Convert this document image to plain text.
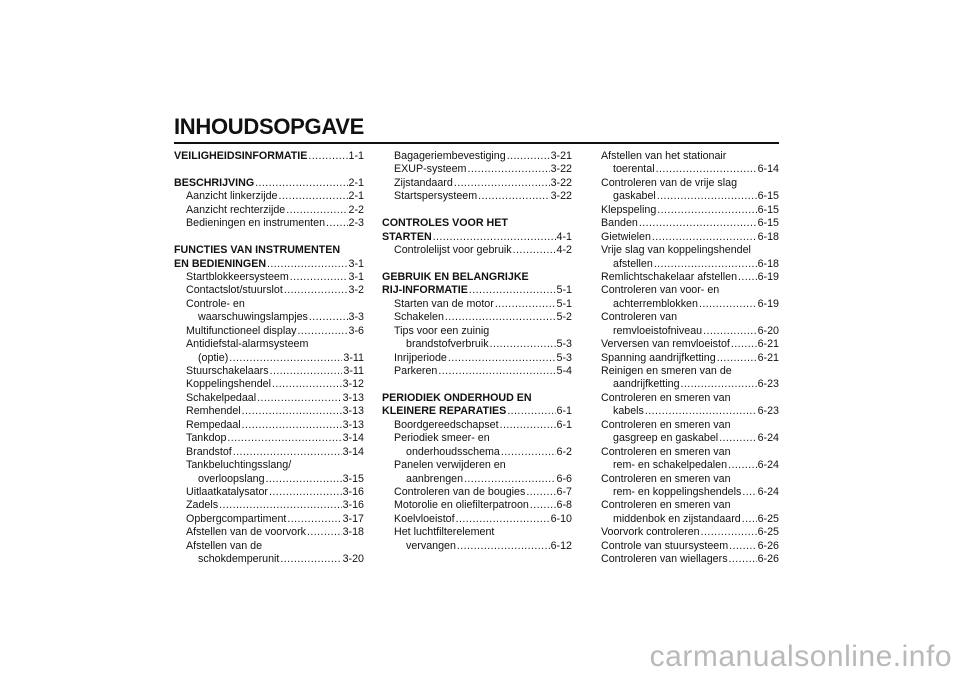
INHOUDSOPGAVE
VEILIGHEIDSINFORMATIE .....	1-1
BESCHRIJVING .....	2-1
Aanzicht linkerzijde .....	2-1
Aanzicht rechterzijde .....	2-2
Bedieningen en instrumenten ..... 2-3
FUNCTIES VAN INSTRUMENTEN
EN BEDIENINGEN .....	3-1
Startblokkeersysteem .....	3-1
Contactslot/stuurslot .....	3-2
Controle- en
waarschuwingslampjes .....	3-3
Multifunctioneel display .....	3-6
Antidiefstal-alarmsysteem
(optie) .....	3-11
Stuurschakelaars .....	3-11
Koppelingshendel .....	3-12
Schakelpedaal .....	3-13
Remhendel .....	3-13
Rempedaal .....	3-13
Tankdop .....	3-14
Brandstof .....	3-14
Tankbeluchtingsslang/
overloopslang .....	3-15
Uitlaatkatalysator .....	3-16
Zadels .....	3-16
Opbergcompartiment .....	3-17
Afstellen van de voorvork .....	3-18
Afstellen van de
schokdemperunit .....	3-20
Bagageriembevestiging .....	3-21
EXUP-systeem .....	3-22
Zijstandaard .....	3-22
Startspersysteem .....	3-22
CONTROLES VOOR HET
STARTEN .....	4-1
Controlelijst voor gebruik .....	4-2
GEBRUIK EN BELANGRIJKE
RIJ-INFORMATIE .....	5-1
Starten van de motor .....	5-1
Schakelen .....	5-2
Tips voor een zuinig
brandstofverbruik .....	5-3
Inrijperiode .....	5-3
Parkeren .....	5-4
PERIODIEK ONDERHOUD EN
KLEINERE REPARATIES .....	6-1
Boordgereedschapset .....	6-1
Periodiek smeer- en
onderhoudsschema .....	6-2
Panelen verwijderen en
aanbrengen .....	6-6
Controleren van de bougies .....	6-7
Motorolie en oliefilterpatroon .....	6-8
Koelvloeistof .....	6-10
Het luchtfilterelement
vervangen .....	6-12
Afstellen van het stationair
toerental .....	6-14
Controleren van de vrije slag
gaskabel .....	6-15
Klepspeling .....	6-15
Banden .....	6-15
Gietwielen .....	6-18
Vrije slag van koppelingshendel
afstellen .....	6-18
Remlichtschakelaar afstellen ..... 6-19
Controleren van voor- en
achterremblokken .....	6-19
Controleren van
remvloeistofniveau .....	6-20
Verversen van remvloeistof .....	6-21
Spanning aandrijfketting .....	6-21
Reinigen en smeren van de
aandrijfketting .....	6-23
Controleren en smeren van
kabels .....	6-23
Controleren en smeren van
gasgreep en gaskabel .....	6-24
Controleren en smeren van
rem- en schakelpedalen .....	6-24
Controleren en smeren van
rem- en koppelingshendels ..... 6-24
Controleren en smeren van
middenbok en zijstandaard ..... 6-25
Voorvork controleren .....	6-25
Controle van stuursysteem .....	6-26
Controleren van wiellagers .....	6-26
carmanualsonline.info
